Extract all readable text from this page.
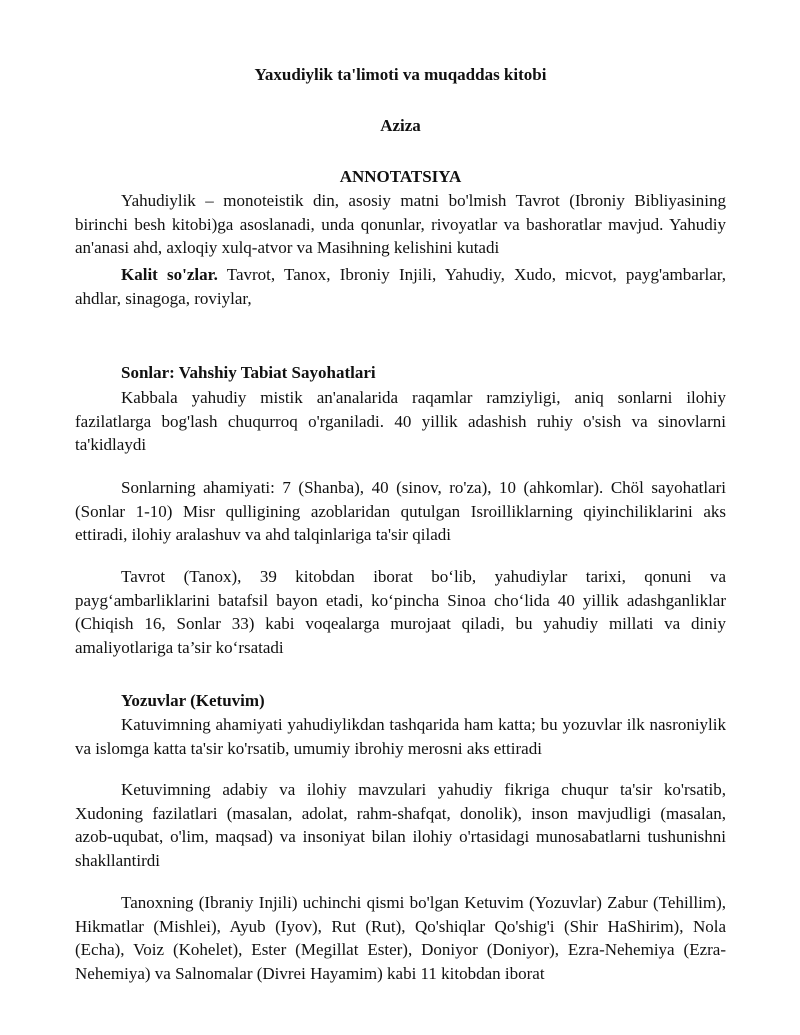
Yaxudiylik ta'limoti va muqaddas kitobi

Aziza

ANNOTATSIYA

Yahudiylik – monoteistik din, asosiy matni bo'lmish Tavrot (Ibroniy Bibliyasining birinchi besh kitobi)ga asoslanadi, unda qonunlar, rivoyatlar va bashoratlar mavjud. Yahudiy an'anasi ahd, axloqiy xulq-atvor va Masihning kelishini kutadi

Kalit so'zlar. Tavrot, Tanox, Ibroniy Injili, Yahudiy, Xudo, micvot, payg'ambarlar, ahdlar, sinagoga, roviylar,

Sonlar: Vahshiy Tabiat Sayohatlari

Kabbala yahudiy mistik an'analarida raqamlar ramziyligi, aniq sonlarni ilohiy fazilatlarga bog'lash chuqurroq o'rganiladi. 40 yillik adashish ruhiy o'sish va sinovlarni ta'kidlaydi

Sonlarning ahamiyati: 7 (Shanba), 40 (sinov, ro'za), 10 (ahkomlar). Chöl sayohatlari (Sonlar 1-10) Misr qulligining azoblaridan qutulgan Isroilliklarning qiyinchiliklarini aks ettiradi, ilohiy aralashuv va ahd talqinlariga ta'sir qiladi

Tavrot (Tanox), 39 kitobdan iborat bo‘lib, yahudiylar tarixi, qonuni va payg‘ambarliklarini batafsil bayon etadi, ko‘pincha Sinoa cho‘lida 40 yillik adashganliklar (Chiqish 16, Sonlar 33) kabi voqealarga murojaat qiladi, bu yahudiy millati va diniy amaliyotlariga ta’sir ko‘rsatadi

Yozuvlar (Ketuvim)

Katuvimning ahamiyati yahudiylikdan tashqarida ham katta; bu yozuvlar ilk nasroniylik va islomga katta ta'sir ko'rsatib, umumiy ibrohiy merosni aks ettiradi

Ketuvimning adabiy va ilohiy mavzulari yahudiy fikriga chuqur ta'sir ko'rsatib, Xudoning fazilatlari (masalan, adolat, rahm-shafqat, donolik), inson mavjudligi (masalan, azob-uqubat, o'lim, maqsad) va insoniyat bilan ilohiy o'rtasidagi munosabatlarni tushunishni shakllantirdi

Tanoxning (Ibraniy Injili) uchinchi qismi bo'lgan Ketuvim (Yozuvlar) Zabur (Tehillim), Hikmatlar (Mishlei), Ayub (Iyov), Rut (Rut), Qo'shiqlar Qo'shig'i (Shir HaShirim), Nola (Echa), Voiz (Kohelet), Ester (Megillat Ester), Doniyor (Doniyor), Ezra-Nehemiya (Ezra-Nehemiya) va Salnomalar (Divrei Hayamim) kabi 11 kitobdan iborat
